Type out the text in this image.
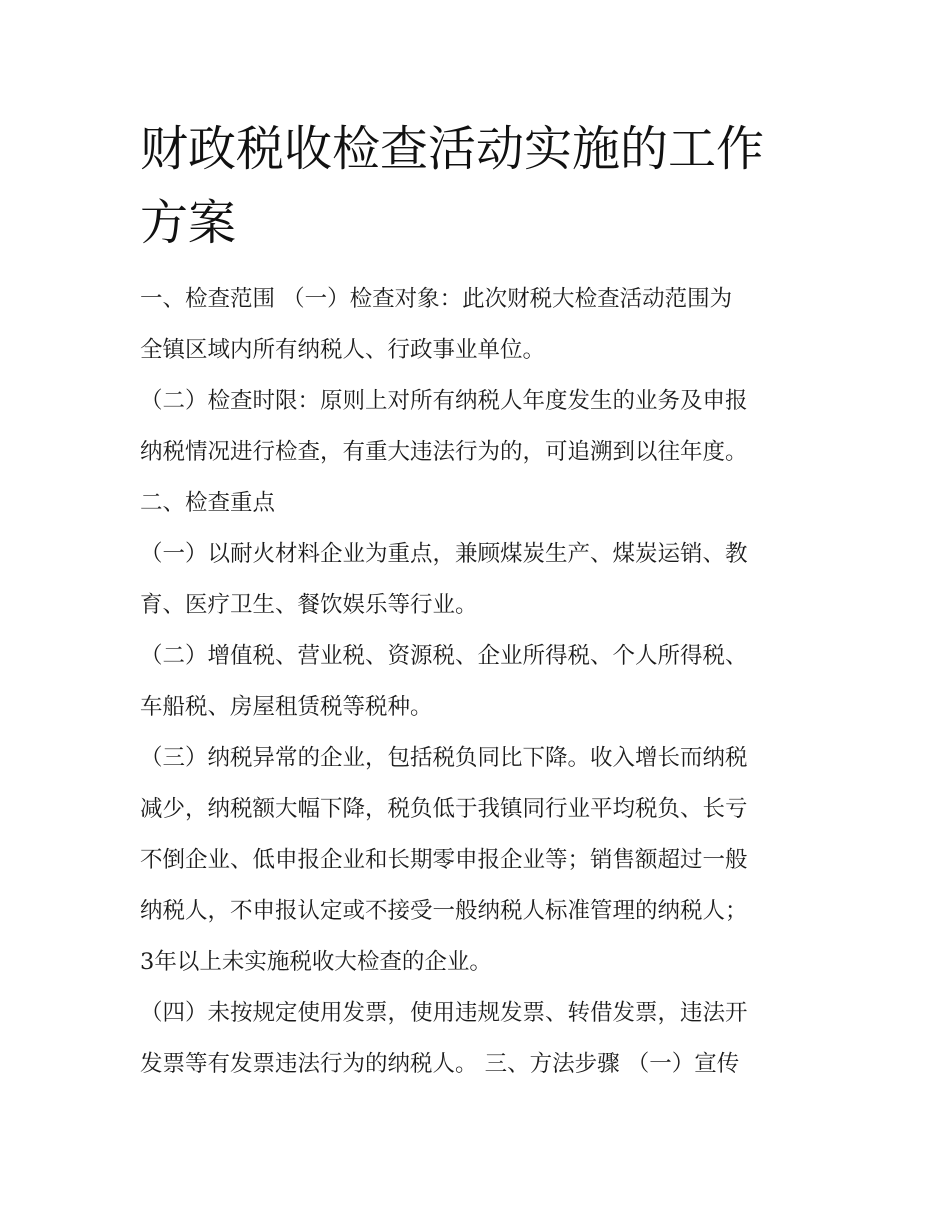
财政税收检查活动实施的工作
方案

一、检查范围 （一）检查对象：此次财税大检查活动范围为

全镇区域内所有纳税人、行政事业单位。

（二）检查时限：原则上对所有纳税人年度发生的业务及申报

纳税情况进行检查，有重大违法行为的，可追溯到以往年度。

二、检查重点

（一）以耐火材料企业为重点，兼顾煤炭生产、煤炭运销、教

育、医疗卫生、餐饮娱乐等行业。

（二）增值税、营业税、资源税、企业所得税、个人所得税、

车船税、房屋租赁税等税种。

（三）纳税异常的企业，包括税负同比下降。收入增长而纳税

减少，纳税额大幅下降，税负低于我镇同行业平均税负、长亏

不倒企业、低申报企业和长期零申报企业等；销售额超过一般

纳税人，不申报认定或不接受一般纳税人标准管理的纳税人；

3年以上未实施税收大检查的企业。

（四）未按规定使用发票，使用违规发票、转借发票，违法开

发票等有发票违法行为的纳税人。 三、方法步骤 （一）宣传
